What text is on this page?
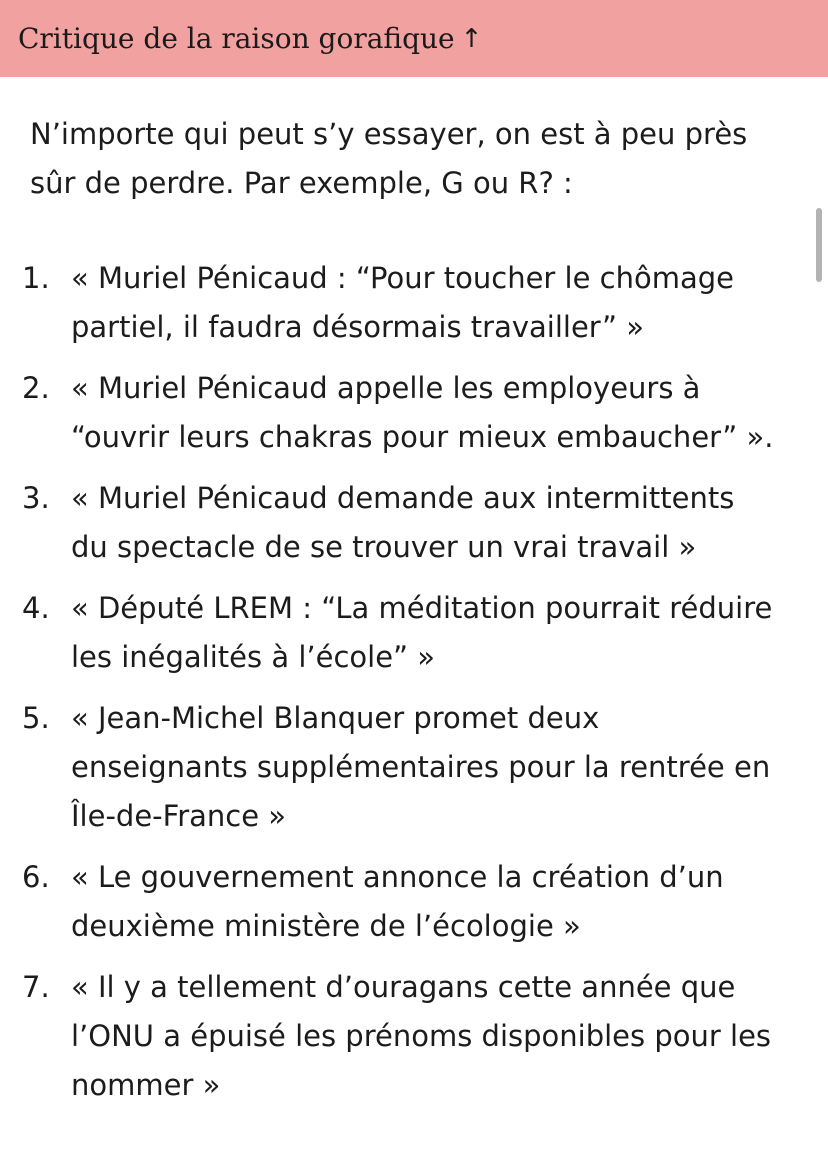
Critique de la raison gorafique ↑

N’importe qui peut s’y essayer, on est à peu près sûr de perdre. Par exemple, G ou R? :

1. « Muriel Pénicaud : “Pour toucher le chômage partiel, il faudra désormais travailler” »
2. « Muriel Pénicaud appelle les employeurs à “ouvrir leurs chakras pour mieux embaucher” ».
3. « Muriel Pénicaud demande aux intermittents du spectacle de se trouver un vrai travail »
4. « Député LREM : “La méditation pourrait réduire les inégalités à l’école” »
5. « Jean-Michel Blanquer promet deux enseignants supplémentaires pour la rentrée en Île-de-France »
6. « Le gouvernement annonce la création d’un deuxième ministère de l’écologie »
7. « Il y a tellement d’ouragans cette année que l’ONU a épuisé les prénoms disponibles pour les nommer »
